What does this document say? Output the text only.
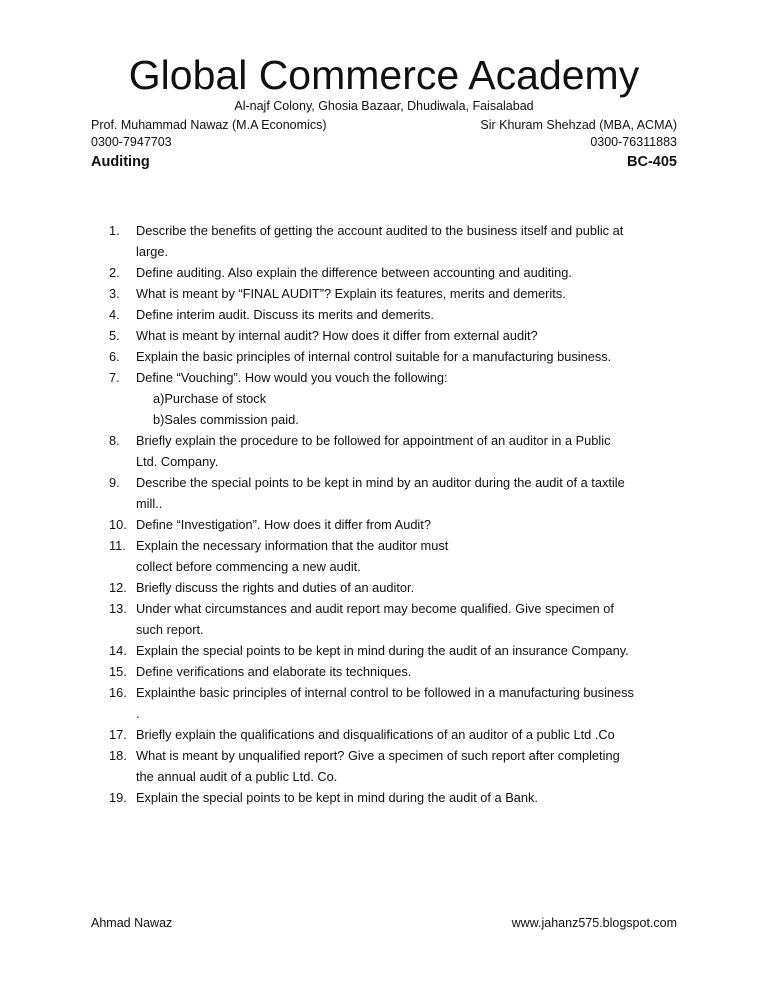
Global Commerce Academy
Al-najf Colony, Ghosia Bazaar, Dhudiwala, Faisalabad
Prof. Muhammad Nawaz (M.A Economics)	Sir Khuram Shehzad (MBA, ACMA)
0300-7947703	0300-76311883
Auditing	BC-405
1.	Describe the benefits of getting the account audited to the business itself and public at
large.
2.	Define auditing. Also explain the difference between accounting and auditing.
3.	What is meant by “FINAL AUDIT”? Explain its features, merits and demerits.
4.	Define interim audit. Discuss its merits and demerits.
5.	What is meant by internal audit? How does it differ from external audit?
6.	Explain the basic principles of internal control suitable for a manufacturing business.
7.	Define “Vouching”. How would you vouch the following:
a)Purchase of stock
b)Sales commission paid.
8.	Briefly explain the procedure to be followed for appointment of an auditor in a Public
Ltd. Company.
9.	Describe the special points to be kept in mind by an auditor during the audit of a taxtile
mill..
10. Define “Investigation”. How does it differ from Audit?
11. Explain the necessary information that the auditor must
collect before commencing a new audit.
12. Briefly discuss the rights and duties of an auditor.
13. Under what circumstances and audit report may become qualified. Give specimen of
such report.
14. Explain the special points to be kept in mind during the audit of an insurance Company.
15. Define verifications and elaborate its techniques.
16. Explainthe basic principles of internal control to be followed in a manufacturing business
.
17. Briefly explain the qualifications and disqualifications of an auditor of a public Ltd .Co
18. What is meant by unqualified report? Give a specimen of such report after completing
the annual audit of a public Ltd. Co.
19. Explain the special points to be kept in mind during the audit of a Bank.
Ahmad Nawaz	www.jahanz575.blogspot.com
